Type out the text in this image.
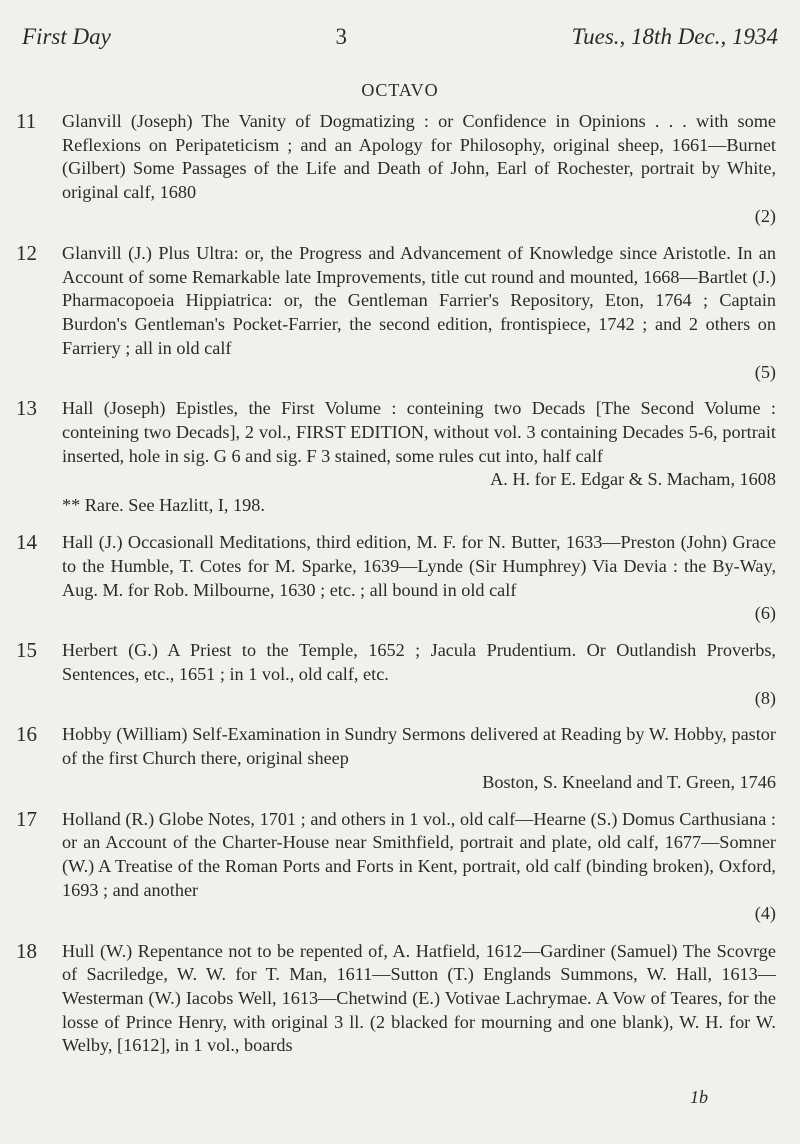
First Day	3	Tues., 18th Dec., 1934
OCTAVO
11	Glanvill (Joseph) The Vanity of Dogmatizing : or Confidence in Opinions . . . with some Reflexions on Peripateticism ; and an Apology for Philosophy, original sheep, 1661—Burnet (Gilbert) Some Passages of the Life and Death of John, Earl of Rochester, portrait by White, original calf, 1680
(2)
12	Glanvill (J.) Plus Ultra: or, the Progress and Advancement of Knowledge since Aristotle. In an Account of some Remarkable late Improvements, title cut round and mounted, 1668—Bartlet (J.) Pharmacopoeia Hippiatrica: or, the Gentleman Farrier's Repository, Eton, 1764 ; Captain Burdon's Gentleman's Pocket-Farrier, the second edition, frontispiece, 1742 ; and 2 others on Farriery ; all in old calf
(5)
13	Hall (Joseph) Epistles, the First Volume : conteining two Decads [The Second Volume : conteining two Decads], 2 vol., FIRST EDITION, without vol. 3 containing Decades 5-6, portrait inserted, hole in sig. G 6 and sig. F 3 stained, some rules cut into, half calf
A. H. for E. Edgar & S. Macham, 1608
** Rare. See Hazlitt, I, 198.
14	Hall (J.) Occasionall Meditations, third edition, M. F. for N. Butter, 1633—Preston (John) Grace to the Humble, T. Cotes for M. Sparke, 1639—Lynde (Sir Humphrey) Via Devia : the By-Way, Aug. M. for Rob. Milbourne, 1630 ; etc. ; all bound in old calf
(6)
15	Herbert (G.) A Priest to the Temple, 1652 ; Jacula Prudentium. Or Outlandish Proverbs, Sentences, etc., 1651 ; in 1 vol., old calf, etc.
(8)
16	Hobby (William) Self-Examination in Sundry Sermons delivered at Reading by W. Hobby, pastor of the first Church there, original sheep
Boston, S. Kneeland and T. Green, 1746
17	Holland (R.) Globe Notes, 1701 ; and others in 1 vol., old calf—Hearne (S.) Domus Carthusiana : or an Account of the Charter-House near Smithfield, portrait and plate, old calf, 1677—Somner (W.) A Treatise of the Roman Ports and Forts in Kent, portrait, old calf (binding broken), Oxford, 1693 ; and another
(4)
18	Hull (W.) Repentance not to be repented of, A. Hatfield, 1612—Gardiner (Samuel) The Scovrge of Sacriledge, W. W. for T. Man, 1611—Sutton (T.) Englands Summons, W. Hall, 1613—Westerman (W.) Iacobs Well, 1613—Chetwind (E.) Votivae Lachrymae. A Vow of Teares, for the losse of Prince Henry, with original 3 ll. (2 blacked for mourning and one blank), W. H. for W. Welby, [1612], in 1 vol., boards
1b
